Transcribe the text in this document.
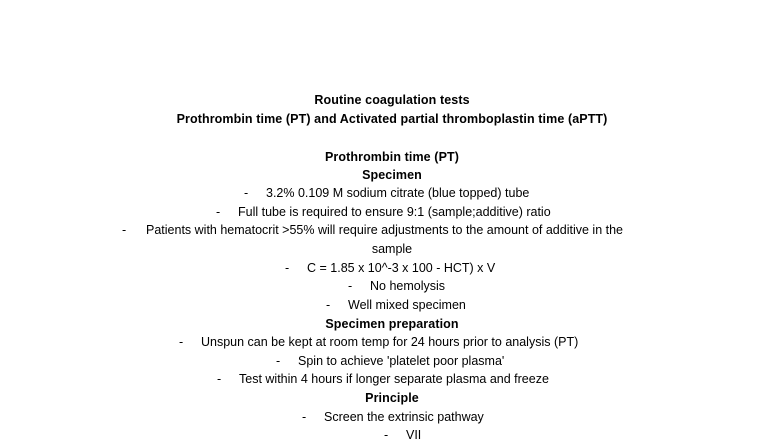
Routine coagulation tests
Prothrombin time (PT) and Activated partial thromboplastin time (aPTT)
Prothrombin time (PT)
Specimen
- 3.2% 0.109 M sodium citrate (blue topped) tube
- Full tube is required to ensure 9:1 (sample;additive) ratio
- Patients with hematocrit >55% will require adjustments to the amount of additive in the
sample
- C = 1.85 x 10^-3 x 100 - HCT) x V
- No hemolysis
- Well mixed specimen
Specimen preparation
- Unspun can be kept at room temp for 24 hours prior to analysis (PT)
- Spin to achieve 'platelet poor plasma'
- Test within 4 hours if longer separate plasma and freeze
Principle
- Screen the extrinsic pathway
- VII
